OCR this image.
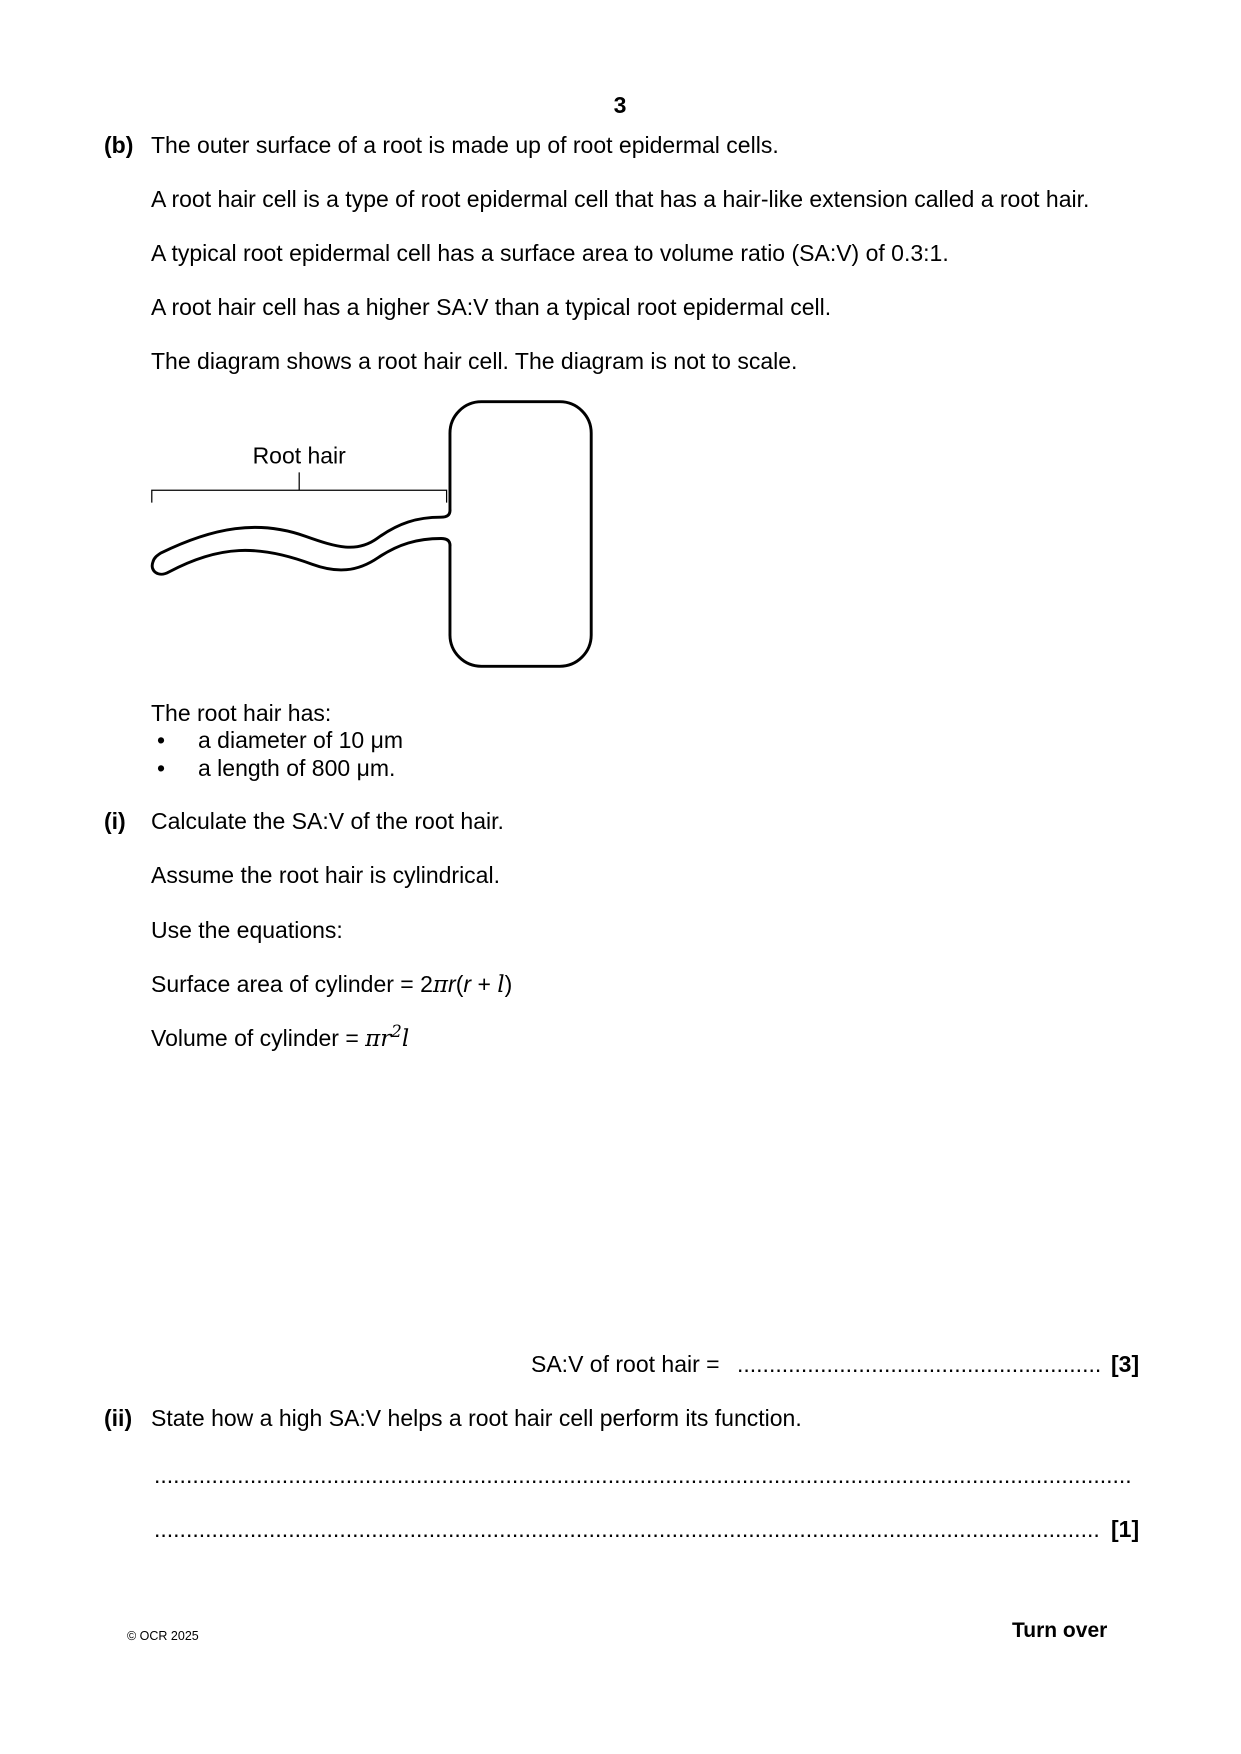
3
(b) The outer surface of a root is made up of root epidermal cells.
A root hair cell is a type of root epidermal cell that has a hair-like extension called a root hair.
A typical root epidermal cell has a surface area to volume ratio (SA:V) of 0.3:1.
A root hair cell has a higher SA:V than a typical root epidermal cell.
The diagram shows a root hair cell. The diagram is not to scale.
Root hair
The root hair has:
• a diameter of 10 μm
• a length of 800 μm.
(i) Calculate the SA:V of the root hair.
Assume the root hair is cylindrical.
Use the equations:
Surface area of cylinder = 2πr(r + l)
Volume of cylinder = $\pi r^2l$
SA:V of root hair = ......................................................... [3]
(ii) State how a high SA:V helps a root hair cell perform its function.
.........................................................................................................................................................
.................................................................................................................................................... [1]
© OCR 2025	Turn over
